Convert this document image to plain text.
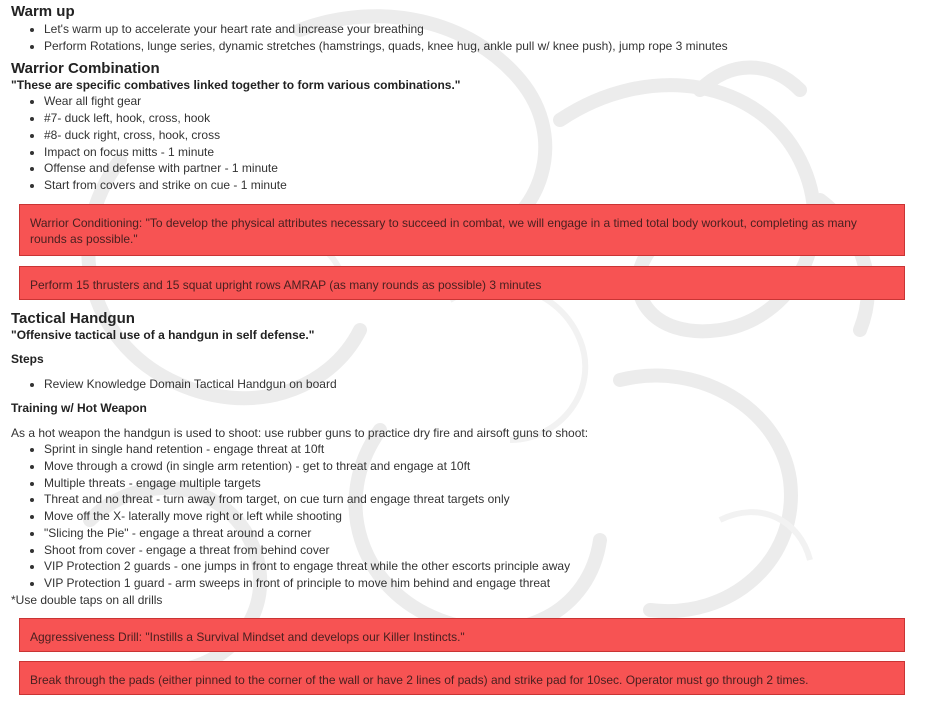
Warm up
• Let's warm up to accelerate your heart rate and increase your breathing
• Perform Rotations, lunge series, dynamic stretches (hamstrings, quads, knee hug, ankle pull w/ knee push), jump rope 3 minutes
Warrior Combination

"These are specific combatives linked together to form various combinations."

• Wear all fight gear
• #7- duck left, hook, cross, hook
• #8- duck right, cross, hook, cross
• Impact on focus mitts - 1 minute
• Offense and defense with partner - 1 minute
• Start from covers and strike on cue - 1 minute
Warrior Conditioning: "To develop the physical attributes necessary to succeed in combat, we will engage in a timed total body workout, completing as many rounds as possible."
Perform 15 thrusters and 15 squat upright rows AMRAP (as many rounds as possible) 3 minutes
Tactical Handgun

"Offensive tactical use of a handgun in self defense."

Steps

• Review Knowledge Domain Tactical Handgun on board

Training w/ Hot Weapon

As a hot weapon the handgun is used to shoot: use rubber guns to practice dry fire and airsoft guns to shoot:

• Sprint in single hand retention - engage threat at 10ft
• Move through a crowd (in single arm retention) - get to threat and engage at 10ft
• Multiple threats - engage multiple targets
• Threat and no threat - turn away from target, on cue turn and engage threat targets only
• Move off the X- laterally move right or left while shooting
• "Slicing the Pie" - engage a threat around a corner
• Shoot from cover - engage a threat from behind cover
• VIP Protection 2 guards - one jumps in front to engage threat while the other escorts principle away
• VIP Protection 1 guard - arm sweeps in front of principle to move him behind and engage threat

*Use double taps on all drills

Aggressiveness Drill: "Instills a Survival Mindset and develops our Killer Instincts."
Break through the pads (either pinned to the corner of the wall or have 2 lines of pads) and strike pad for 10sec. Operator must go through 2 times.
